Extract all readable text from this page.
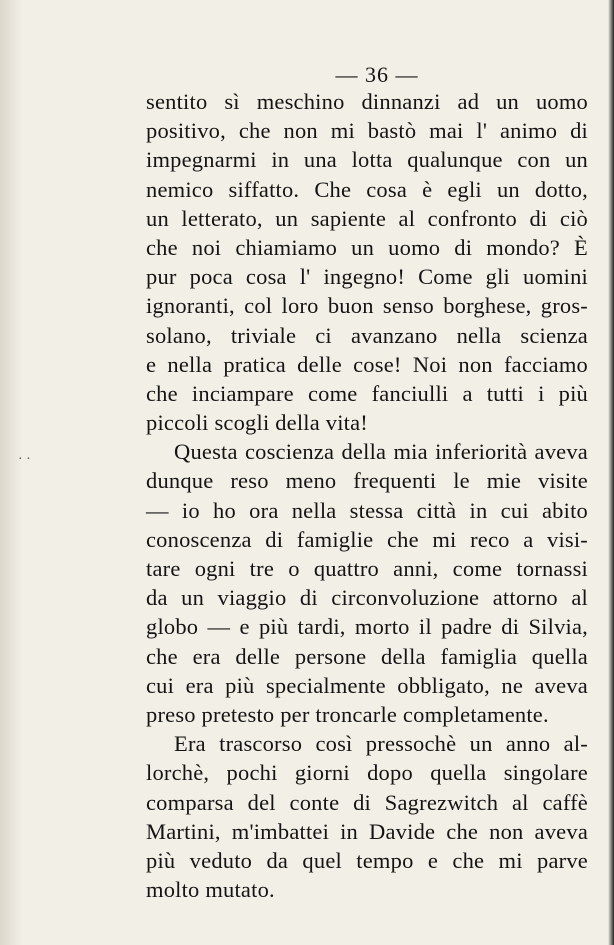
— 36 —
· ·
sentito sì meschino dinnanzi ad un uomo
positivo, che non mi bastò mai l' animo di
impegnarmi in una lotta qualunque con un
nemico siffatto. Che cosa è egli un dotto,
un letterato, un sapiente al confronto di ciò
che noi chiamiamo un uomo di mondo? È
pur poca cosa l' ingegno! Come gli uomini
ignoranti, col loro buon senso borghese, gros-
solano, triviale ci avanzano nella scienza
e nella pratica delle cose! Noi non facciamo
che inciampare come fanciulli a tutti i più
piccoli scogli della vita!
Questa coscienza della mia inferiorità aveva
dunque reso meno frequenti le mie visite
— io ho ora nella stessa città in cui abito
conoscenza di famiglie che mi reco a visi-
tare ogni tre o quattro anni, come tornassi
da un viaggio di circonvoluzione attorno al
globo — e più tardi, morto il padre di Silvia,
che era delle persone della famiglia quella
cui era più specialmente obbligato, ne aveva
preso pretesto per troncarle completamente.
Era trascorso così pressochè un anno al-
lorchè, pochi giorni dopo quella singolare
comparsa del conte di Sagrezwitch al caffè
Martini, m'imbattei in Davide che non aveva
più veduto da quel tempo e che mi parve
molto mutato.
